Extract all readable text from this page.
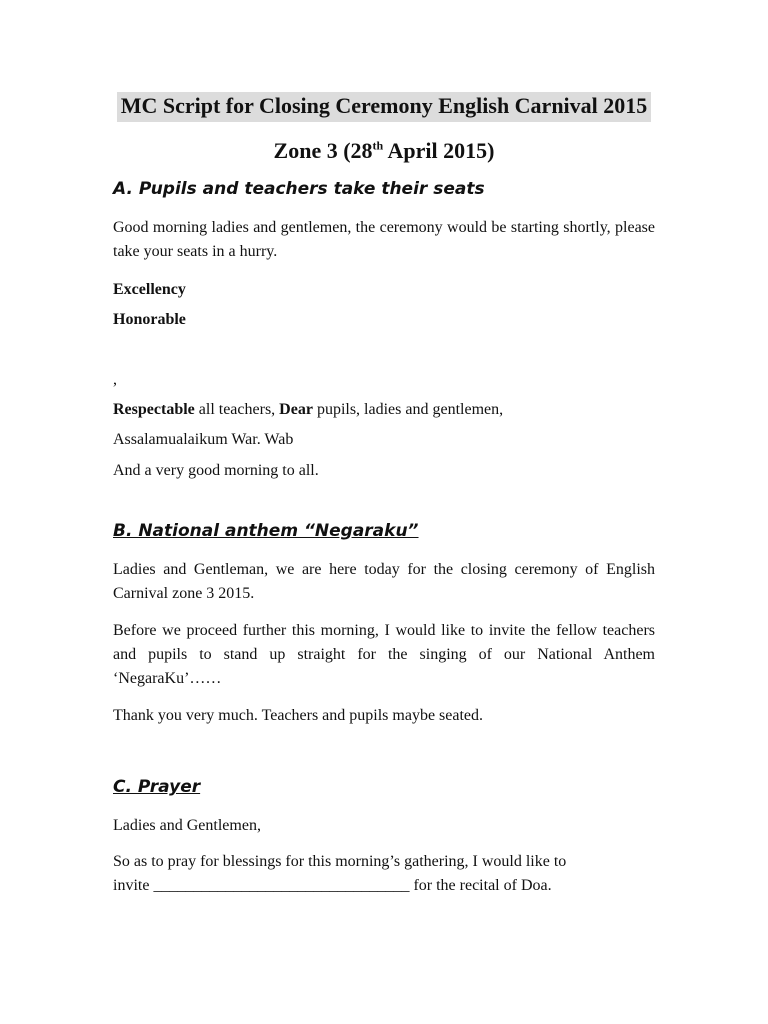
MC Script for Closing Ceremony English Carnival 2015
Zone 3 (28th April 2015)
A. Pupils and teachers take their seats

Good morning ladies and gentlemen, the ceremony would be starting shortly, please take your seats in a hurry.

Excellency
Honorable
,
Respectable all teachers, Dear pupils, ladies and gentlemen,
Assalamualaikum War. Wab
And a very good morning to all.
B. National anthem “Negaraku”

Ladies and Gentleman, we are here today for the closing ceremony of English Carnival zone 3 2015.

Before we proceed further this morning, I would like to invite the fellow teachers and pupils to stand up straight for the singing of our National Anthem ‘NegaraKu’……

Thank you very much. Teachers and pupils maybe seated.

C. Prayer
Ladies and Gentlemen,

So as to pray for blessings for this morning’s gathering, I would like to

invite ________________________________ for the recital of Doa.
